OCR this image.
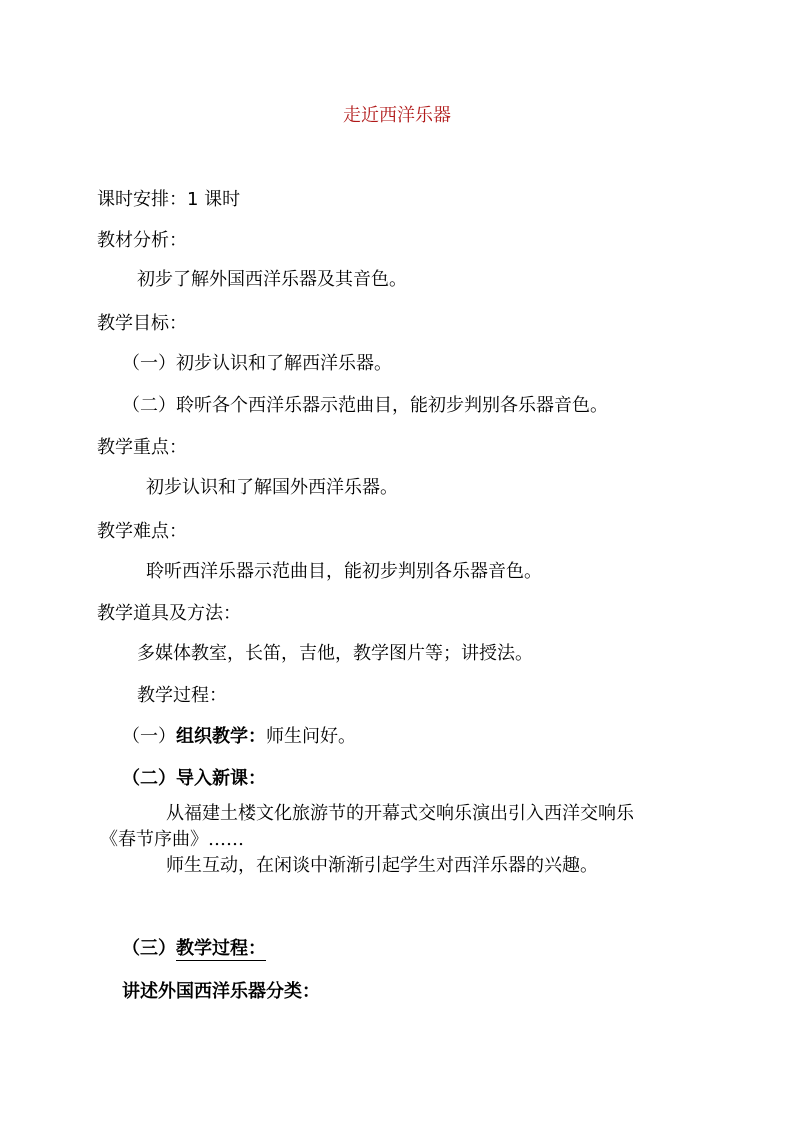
走近西洋乐器
课时安排：1 课时
教材分析：
初步了解外国西洋乐器及其音色。
教学目标：
（一）初步认识和了解西洋乐器。
（二）聆听各个西洋乐器示范曲目，能初步判别各乐器音色。
教学重点：
初步认识和了解国外西洋乐器。
教学难点：
聆听西洋乐器示范曲目，能初步判别各乐器音色。
教学道具及方法：
多媒体教室，长笛，吉他，教学图片等；讲授法。
教学过程：
（一）组织教学：师生问好。
（二）导入新课：
从福建土楼文化旅游节的开幕式交响乐演出引入西洋交响乐
《春节序曲》……
师生互动，在闲谈中渐渐引起学生对西洋乐器的兴趣。
（三）教学过程：
讲述外国西洋乐器分类：
